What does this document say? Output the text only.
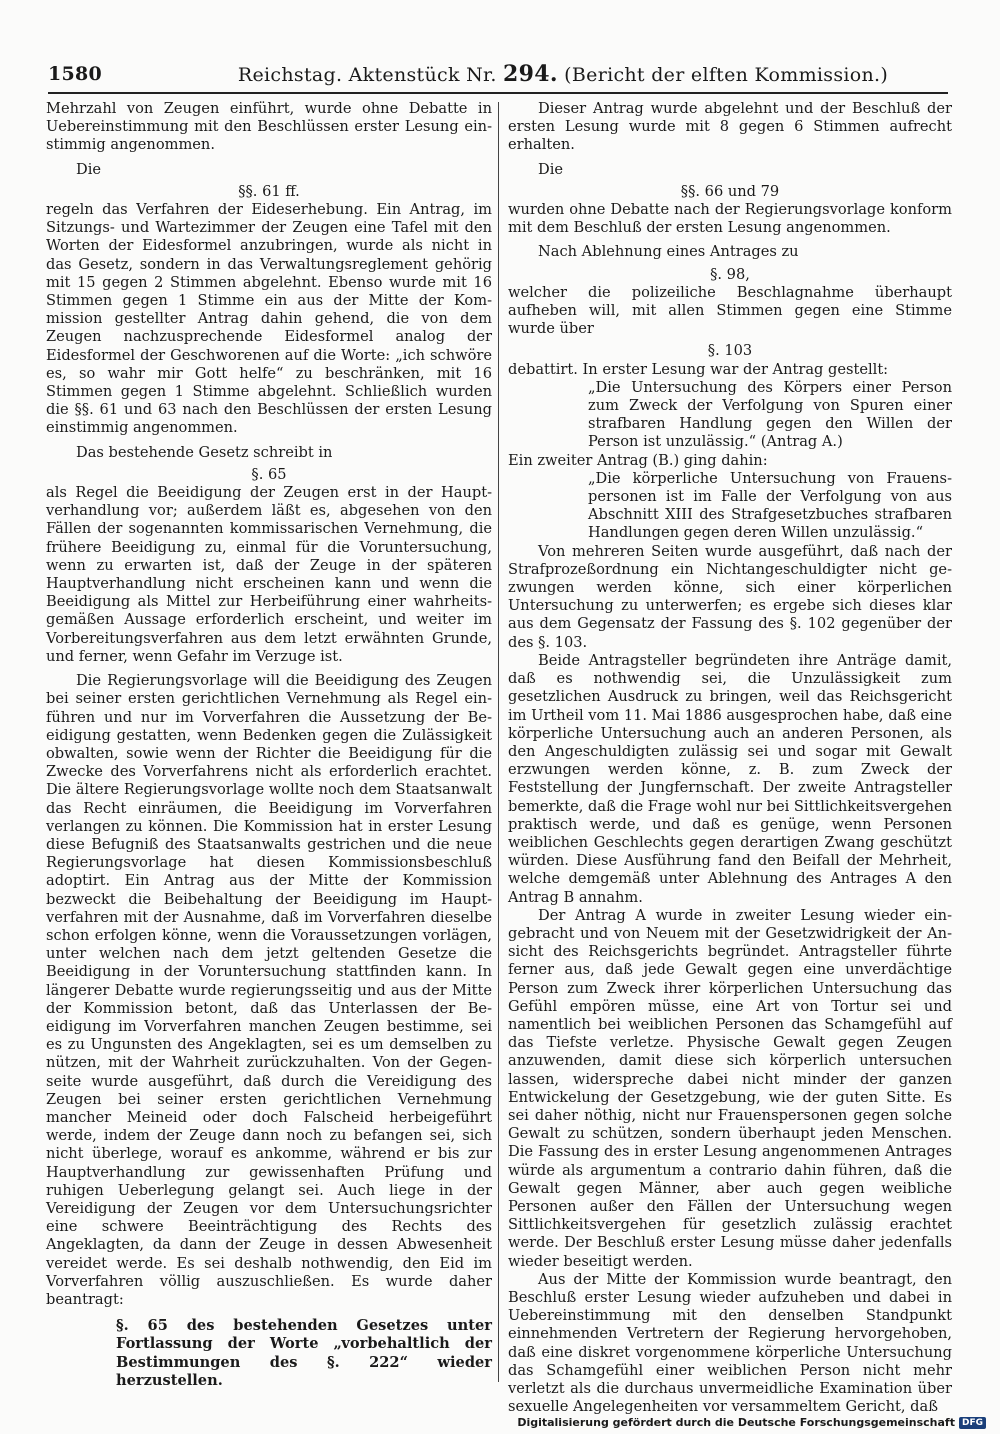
1580	Reichstag. Aktenstück Nr. 294. (Bericht der elften Kommission.)

Mehrzahl von Zeugen einführt, wurde ohne Debatte in Uebereinstimmung mit den Beschlüssen erster Lesung einstimmig angenommen.

Die

§§. 61 ff.

regeln das Verfahren der Eideserhebung. Ein Antrag, im Sitzungs- und Wartezimmer der Zeugen eine Tafel mit den Worten der Eidesformel anzubringen, wurde als nicht in das Gesetz, sondern in das Verwaltungsreglement gehörig mit 15 gegen 2 Stimmen abgelehnt. Ebenso wurde mit 16 Stimmen gegen 1 Stimme ein aus der Mitte der Kommission gestellter Antrag dahin gehend, die von dem Zeugen nachzusprechende Eidesformel analog der Eidesformel der Geschworenen auf die Worte: „ich schwöre es, so wahr mir Gott helfe“ zu beschränken, mit 16 Stimmen gegen 1 Stimme abgelehnt. Schließlich wurden die §§. 61 und 63 nach den Beschlüssen der ersten Lesung einstimmig angenommen.

Das bestehende Gesetz schreibt in

§. 65

als Regel die Beeidigung der Zeugen erst in der Hauptverhandlung vor; außerdem läßt es, abgesehen von den Fällen der sogenannten kommissarischen Vernehmung, die frühere Beeidigung zu, einmal für die Voruntersuchung, wenn zu erwarten ist, daß der Zeuge in der späteren Hauptverhandlung nicht erscheinen kann und wenn die Beeidigung als Mittel zur Herbeiführung einer wahrheitsgemäßen Aussage erforderlich erscheint, und weiter im Vorbereitungsverfahren aus dem letzt erwähnten Grunde, und ferner, wenn Gefahr im Verzuge ist.

Die Regierungsvorlage will die Beeidigung des Zeugen bei seiner ersten gerichtlichen Vernehmung als Regel einführen und nur im Vorverfahren die Aussetzung der Beeidigung gestatten, wenn Bedenken gegen die Zulässigkeit obwalten, sowie wenn der Richter die Beeidigung für die Zwecke des Vorverfahrens nicht als erforderlich erachtet. Die ältere Regierungsvorlage wollte noch dem Staatsanwalt das Recht einräumen, die Beeidigung im Vorverfahren verlangen zu können. Die Kommission hat in erster Lesung diese Befugniß des Staatsanwalts gestrichen und die neue Regierungsvorlage hat diesen Kommissionsbeschluß adoptirt. Ein Antrag aus der Mitte der Kommission bezweckt die Beibehaltung der Beeidigung im Hauptverfahren mit der Ausnahme, daß im Vorverfahren dieselbe schon erfolgen könne, wenn die Voraussetzungen vorlägen, unter welchen nach dem jetzt geltenden Gesetze die Beeidigung in der Voruntersuchung stattfinden kann. In längerer Debatte wurde regierungsseitig und aus der Mitte der Kommission betont, daß das Unterlassen der Beeidigung im Vorverfahren manchen Zeugen bestimme, sei es zu Ungunsten des Angeklagten, sei es um demselben zu nützen, mit der Wahrheit zurückzuhalten. Von der Gegenseite wurde ausgeführt, daß durch die Vereidigung des Zeugen bei seiner ersten gerichtlichen Vernehmung mancher Meineid oder doch Falscheid herbeigeführt werde, indem der Zeuge dann noch zu befangen sei, sich nicht überlege, worauf es ankomme, während er bis zur Hauptverhandlung zur gewissenhaften Prüfung und ruhigen Ueberlegung gelangt sei. Auch liege in der Vereidigung der Zeugen vor dem Untersuchungsrichter eine schwere Beeinträchtigung des Rechts des Angeklagten, da dann der Zeuge in dessen Abwesenheit vereidet werde. Es sei deshalb nothwendig, den Eid im Vorverfahren völlig auszuschließen. Es wurde daher beantragt:

§. 65 des bestehenden Gesetzes unter Fortlassung der Worte „vorbehaltlich der Bestimmungen des §. 222“ wieder herzustellen.

Dieser Antrag wurde abgelehnt und der Beschluß der ersten Lesung wurde mit 8 gegen 6 Stimmen aufrecht erhalten.

Die

§§. 66 und 79

wurden ohne Debatte nach der Regierungsvorlage konform mit dem Beschluß der ersten Lesung angenommen.

Nach Ablehnung eines Antrages zu

§. 98,

welcher die polizeiliche Beschlagnahme überhaupt aufheben will, mit allen Stimmen gegen eine Stimme wurde über

§. 103

debattirt. In erster Lesung war der Antrag gestellt:

„Die Untersuchung des Körpers einer Person zum Zweck der Verfolgung von Spuren einer strafbaren Handlung gegen den Willen der Person ist unzulässig.“ (Antrag A.)

Ein zweiter Antrag (B.) ging dahin:

„Die körperliche Untersuchung von Frauenspersonen ist im Falle der Verfolgung von aus Abschnitt XIII des Strafgesetzbuches strafbaren Handlungen gegen deren Willen unzulässig.“

Von mehreren Seiten wurde ausgeführt, daß nach der Strafprozeßordnung ein Nichtangeschuldigter nicht gezwungen werden könne, sich einer körperlichen Untersuchung zu unterwerfen; es ergebe sich dieses klar aus dem Gegensatz der Fassung des §. 102 gegenüber der des §. 103.

Beide Antragsteller begründeten ihre Anträge damit, daß es nothwendig sei, die Unzulässigkeit zum gesetzlichen Ausdruck zu bringen, weil das Reichsgericht im Urtheil vom 11. Mai 1886 ausgesprochen habe, daß eine körperliche Untersuchung auch an anderen Personen, als den Angeschuldigten zulässig sei und sogar mit Gewalt erzwungen werden könne, z. B. zum Zweck der Feststellung der Jungfernschaft. Der zweite Antragsteller bemerkte, daß die Frage wohl nur bei Sittlichkeitsvergehen praktisch werde, und daß es genüge, wenn Personen weiblichen Geschlechts gegen derartigen Zwang geschützt würden. Diese Ausführung fand den Beifall der Mehrheit, welche demgemäß unter Ablehnung des Antrages A den Antrag B annahm.

Der Antrag A wurde in zweiter Lesung wieder eingebracht und von Neuem mit der Gesetzwidrigkeit der Ansicht des Reichsgerichts begründet. Antragsteller führte ferner aus, daß jede Gewalt gegen eine unverdächtige Person zum Zweck ihrer körperlichen Untersuchung das Gefühl empören müsse, eine Art von Tortur sei und namentlich bei weiblichen Personen das Schamgefühl auf das Tiefste verletze. Physische Gewalt gegen Zeugen anzuwenden, damit diese sich körperlich untersuchen lassen, widerspreche dabei nicht minder der ganzen Entwickelung der Gesetzgebung, wie der guten Sitte. Es sei daher nöthig, nicht nur Frauenspersonen gegen solche Gewalt zu schützen, sondern überhaupt jeden Menschen. Die Fassung des in erster Lesung angenommenen Antrages würde als argumentum a contrario dahin führen, daß die Gewalt gegen Männer, aber auch gegen weibliche Personen außer den Fällen der Untersuchung wegen Sittlichkeitsvergehen für gesetzlich zulässig erachtet werde. Der Beschluß erster Lesung müsse daher jedenfalls wieder beseitigt werden.

Aus der Mitte der Kommission wurde beantragt, den Beschluß erster Lesung wieder aufzuheben und dabei in Uebereinstimmung mit den denselben Standpunkt einnehmenden Vertretern der Regierung hervorgehoben, daß eine diskret vorgenommene körperliche Untersuchung das Schamgefühl einer weiblichen Person nicht mehr verletzt als die durchaus unvermeidliche Examination über sexuelle Angelegenheiten vor versammeltem Gericht, daß

Digitalisierung gefördert durch die Deutsche Forschungsgemeinschaft DFG
